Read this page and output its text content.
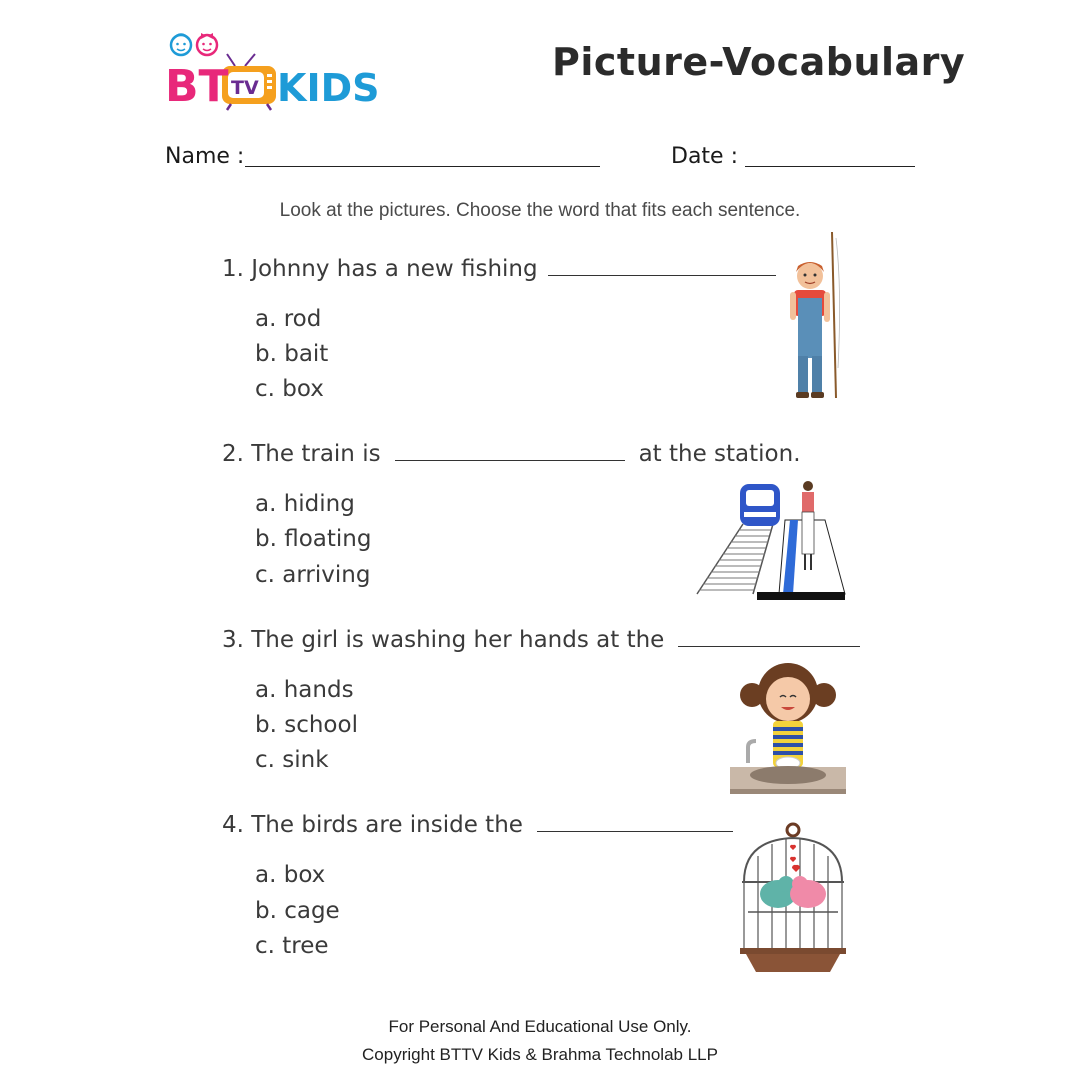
BT TV KIDS
Picture-Vocabulary
Name :	Date :
Look at the pictures. Choose the word that fits each sentence.
1. Johnny has a new fishing
a. rod
b. bait
c. box
2. The train is	at the station.
a. hiding
b. floating
c. arriving
3. The girl is washing her hands at the
a. hands
b. school
c. sink
4. The birds are inside the
a. box
b. cage
c. tree
For Personal And Educational Use Only.
Copyright BTTV Kids & Brahma Technolab LLP
